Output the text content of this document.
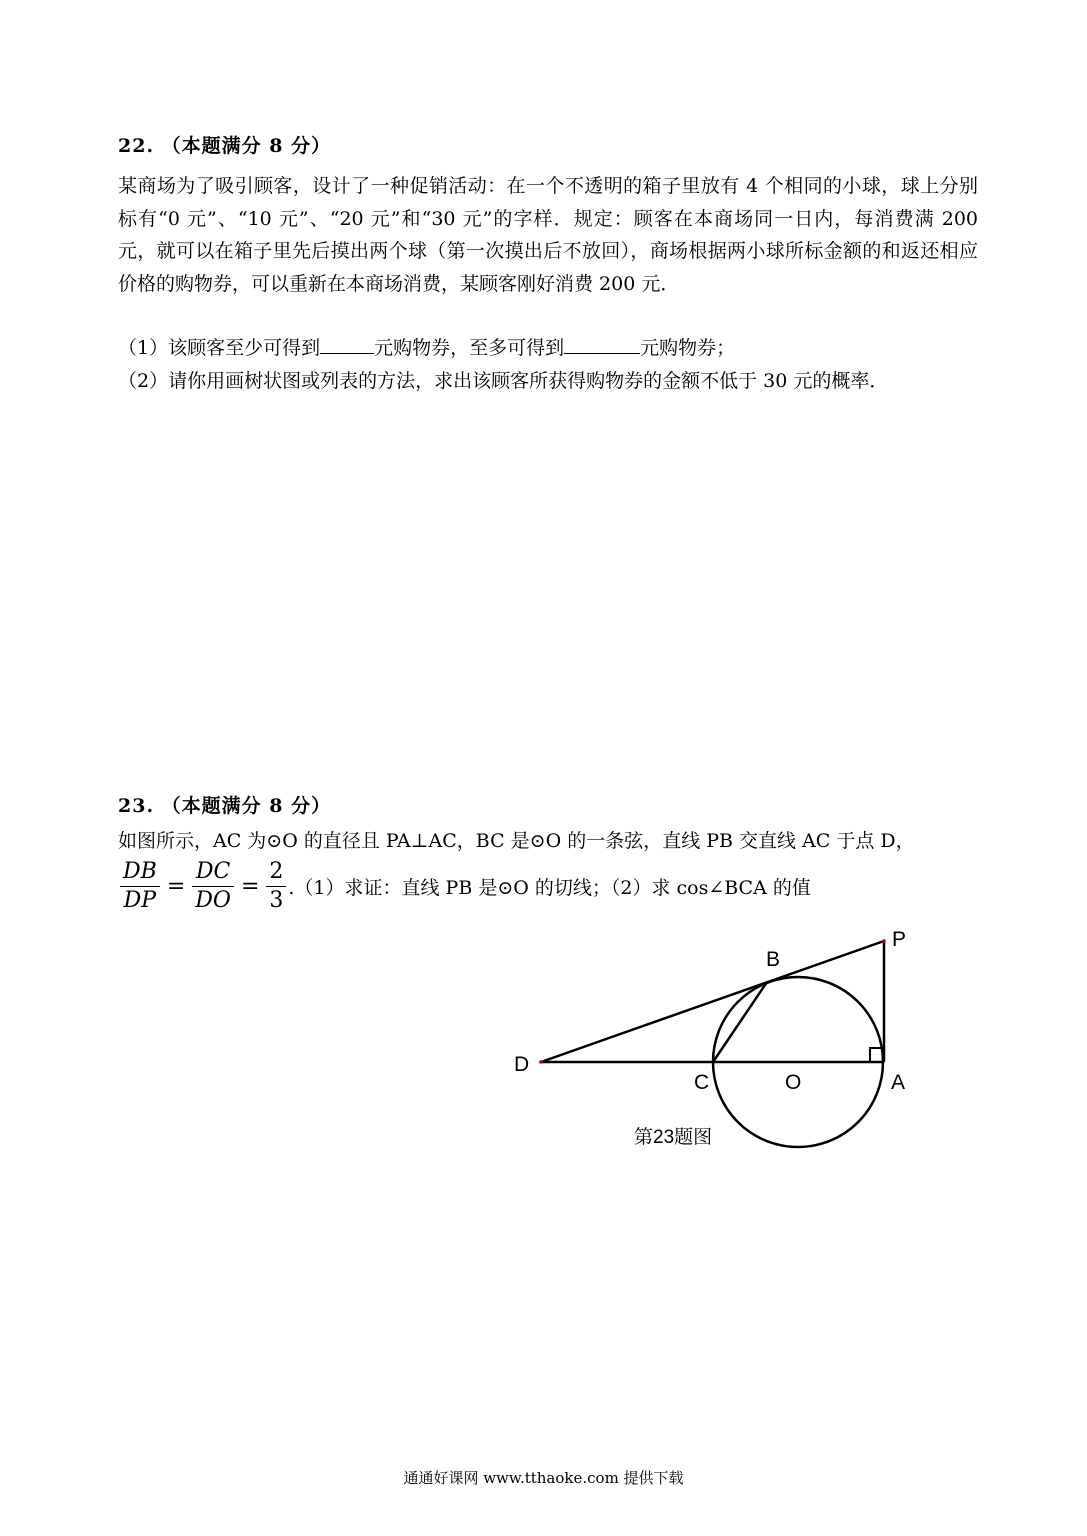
22. （本题满分 8 分）
某商场为了吸引顾客，设计了一种促销活动：在一个不透明的箱子里放有 4 个相同的小球，球上分别标有“0 元”、“10 元”、“20 元”和“30 元”的字样．规定：顾客在本商场同一日内，每消费满 200 元，就可以在箱子里先后摸出两个球（第一次摸出后不放回），商场根据两小球所标金额的和返还相应价格的购物券，可以重新在本商场消费，某顾客刚好消费 200 元．
（1）该顾客至少可得到	元购物券，至多可得到	元购物券；
（2）请你用画树状图或列表的方法，求出该顾客所获得购物券的金额不低于 30 元的概率．
23. （本题满分 8 分）
如图所示，AC 为⊙O 的直径且 PA⊥AC，BC 是⊙O 的一条弦，直线 PB 交直线 AC 于点 D，
$\frac{DB}{DP} = \frac{DC}{DO} = \frac{2}{3} .(1)$求证：直线 PB 是⊙O 的切线；（2）求 cos∠BCA 的值
P
B
D
C	O	A
第23题图
通通好课网 www.tthaoke.com 提供下载
